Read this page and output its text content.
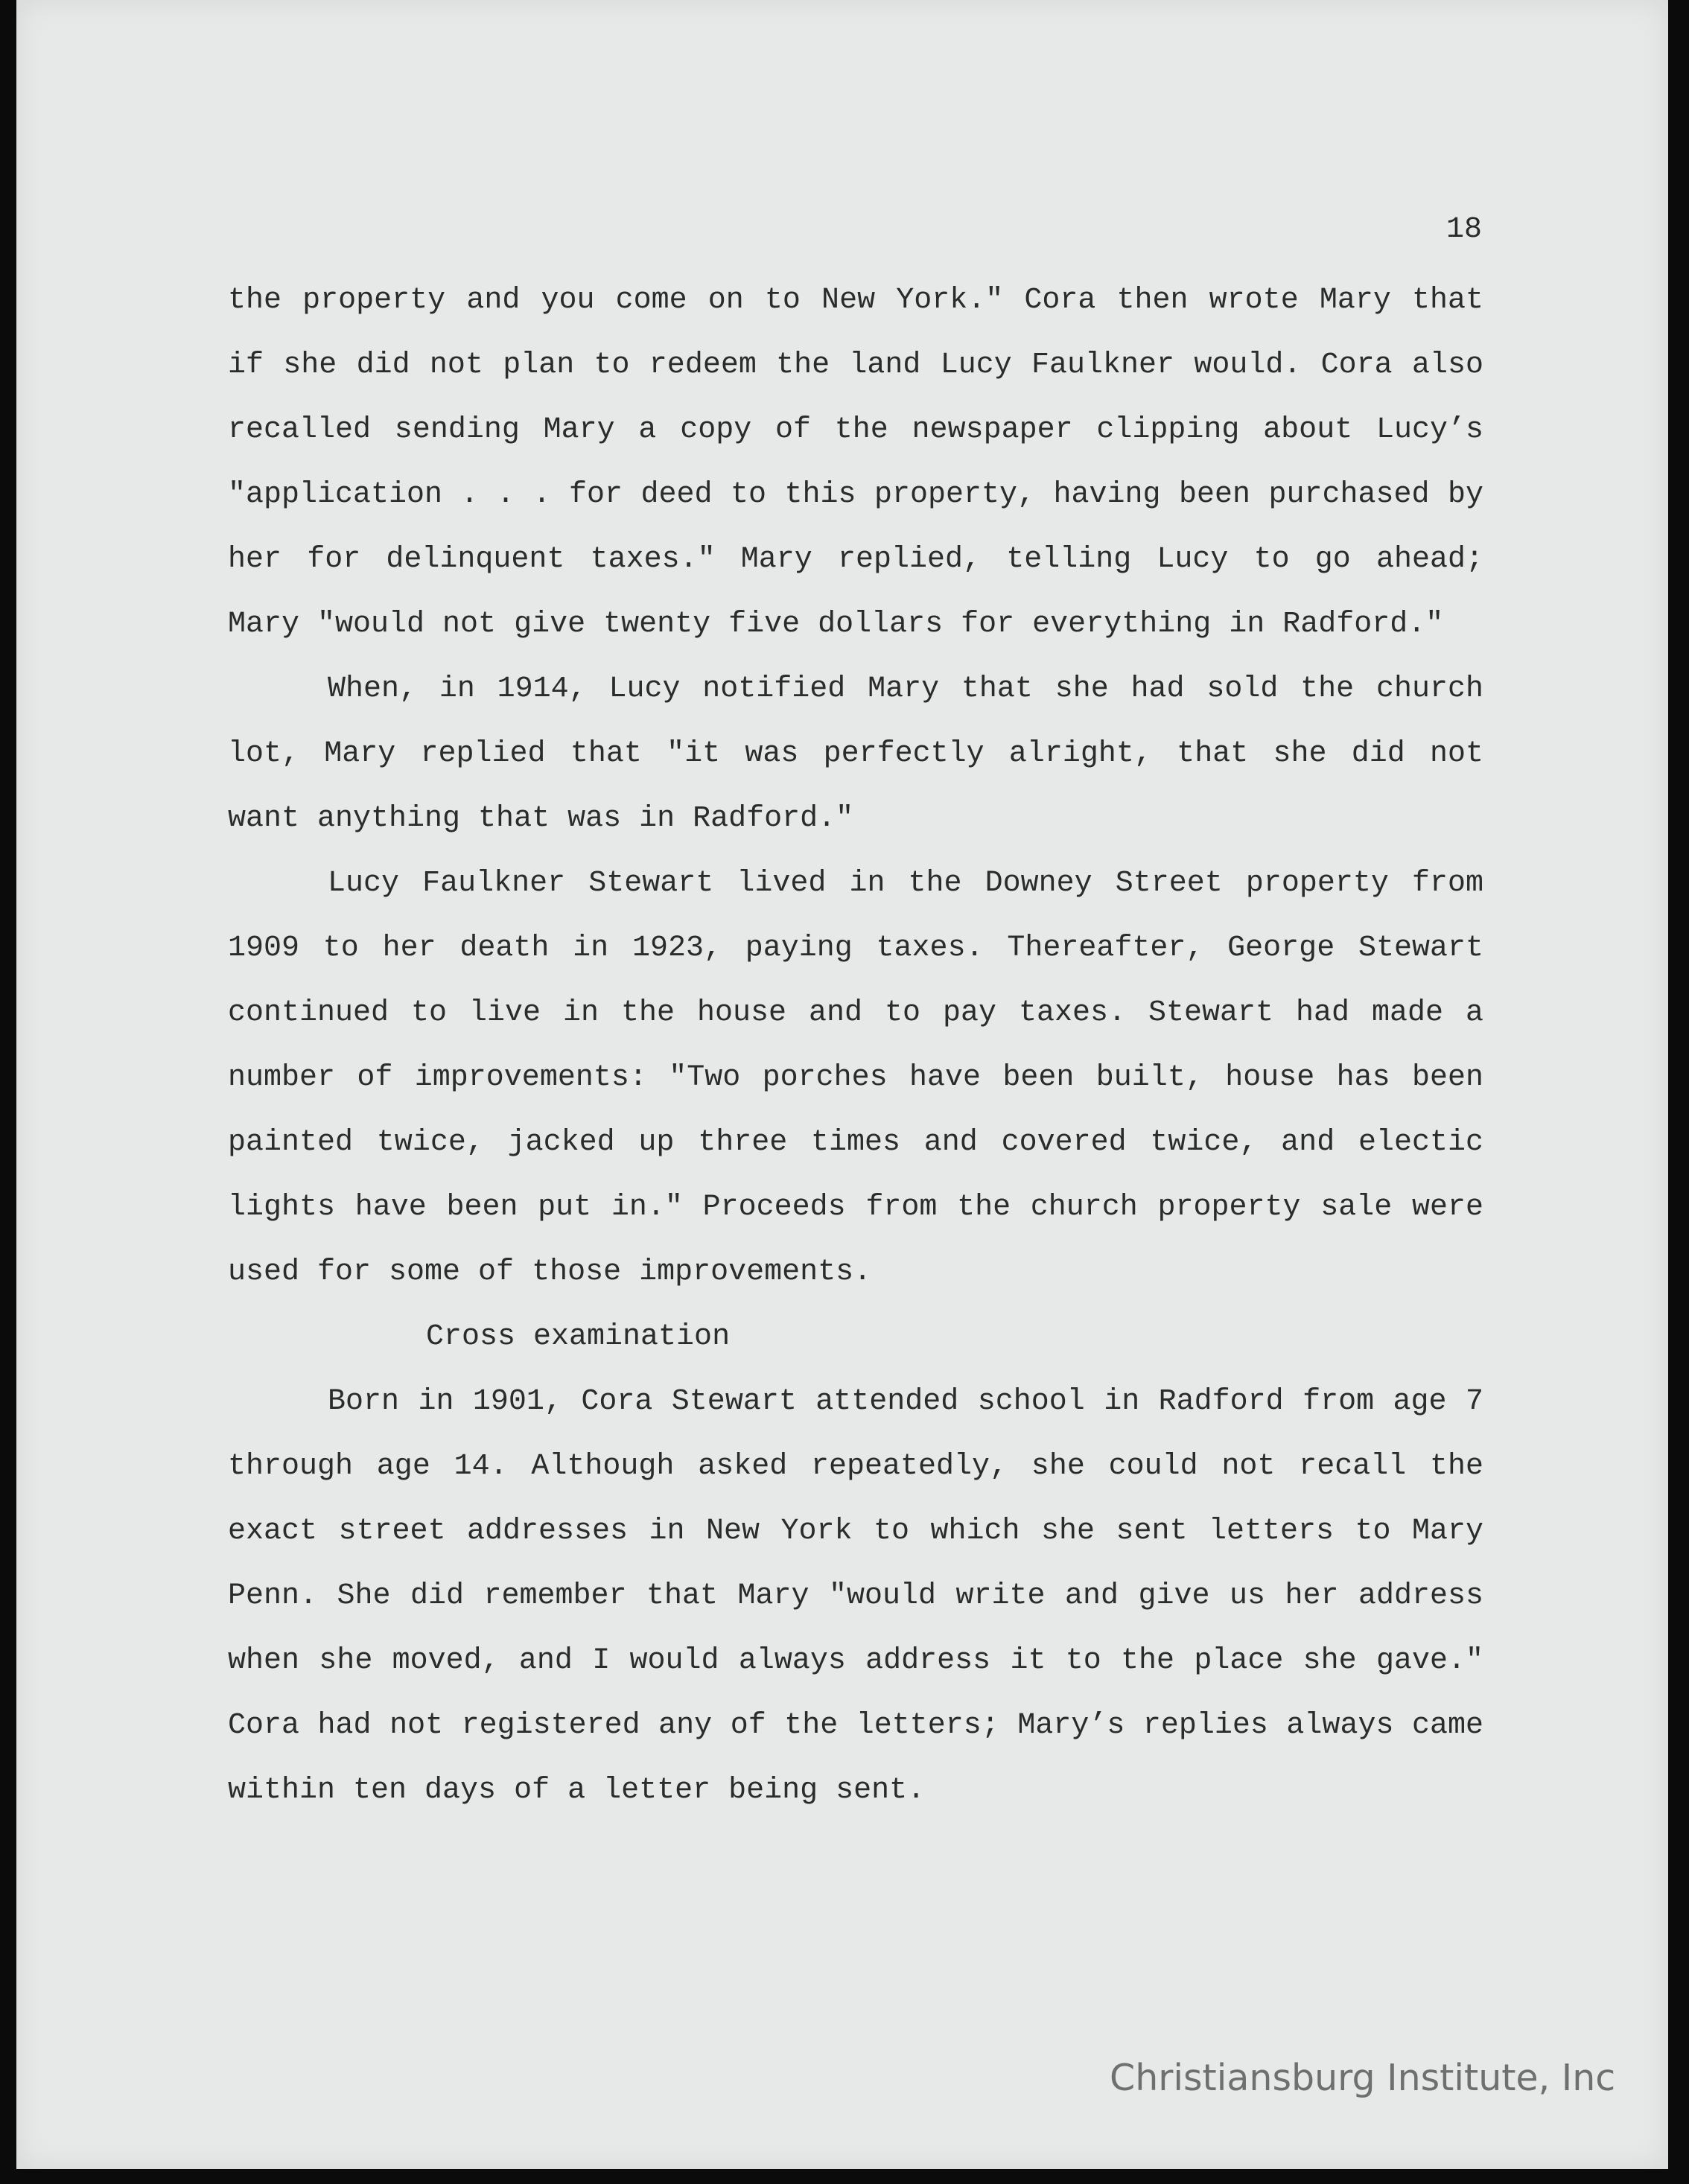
18

the property and you come on to New York." Cora then wrote Mary that if she did not plan to redeem the land Lucy Faulkner would. Cora also recalled sending Mary a copy of the newspaper clipping about Lucy’s "application . . . for deed to this property, having been purchased by her for delinquent taxes." Mary replied, telling Lucy to go ahead; Mary "would not give twenty five dollars for everything in Radford."

When, in 1914, Lucy notified Mary that she had sold the church lot, Mary replied that "it was perfectly alright, that she did not want anything that was in Radford."

Lucy Faulkner Stewart lived in the Downey Street property from 1909 to her death in 1923, paying taxes. Thereafter, George Stewart continued to live in the house and to pay taxes. Stewart had made a number of improvements: "Two porches have been built, house has been painted twice, jacked up three times and covered twice, and electic lights have been put in." Proceeds from the church property sale were used for some of those improvements.

Cross examination

Born in 1901, Cora Stewart attended school in Radford from age 7 through age 14. Although asked repeatedly, she could not recall the exact street addresses in New York to which she sent letters to Mary Penn. She did remember that Mary "would write and give us her address when she moved, and I would always address it to the place she gave." Cora had not registered any of the letters; Mary’s replies always came within ten days of a letter being sent.

Christiansburg Institute, Inc
